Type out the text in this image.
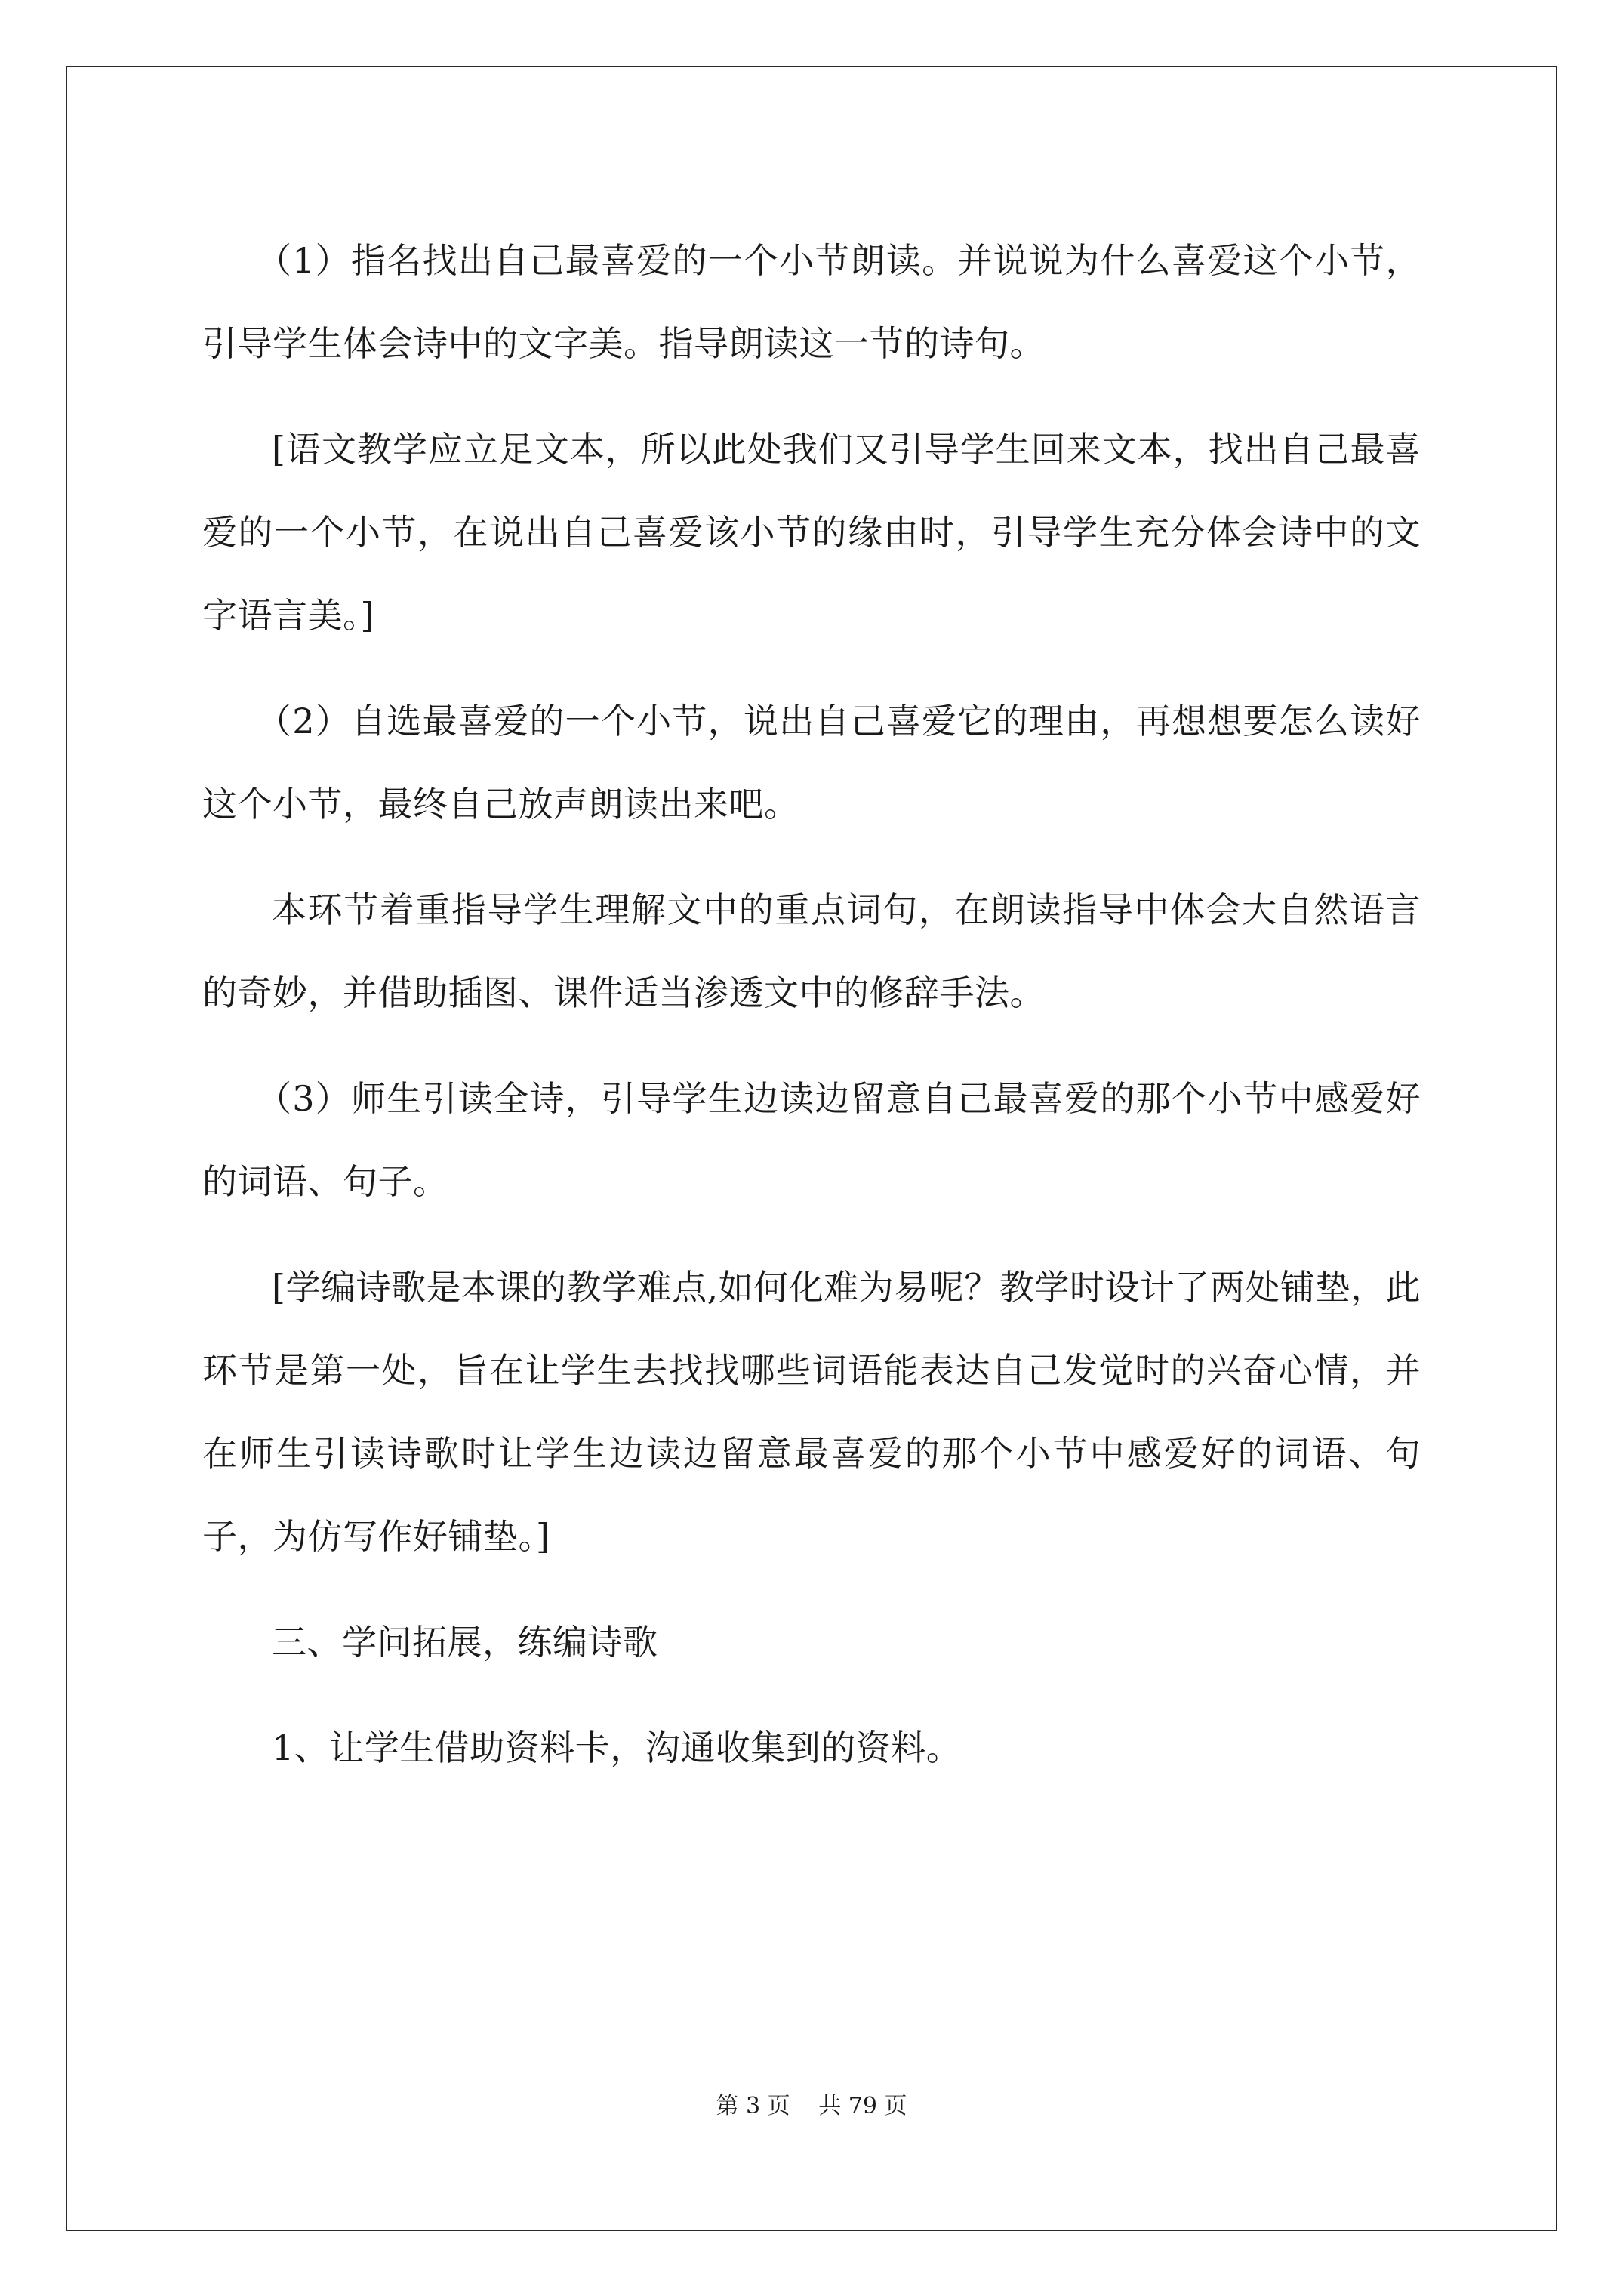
（1）指名找出自己最喜爱的一个小节朗读。并说说为什么喜爱这个小节，引导学生体会诗中的文字美。指导朗读这一节的诗句。

[语文教学应立足文本，所以此处我们又引导学生回来文本，找出自己最喜爱的一个小节，在说出自己喜爱该小节的缘由时，引导学生充分体会诗中的文字语言美。]

（2）自选最喜爱的一个小节，说出自己喜爱它的理由，再想想要怎么读好这个小节，最终自己放声朗读出来吧。

本环节着重指导学生理解文中的重点词句，在朗读指导中体会大自然语言的奇妙，并借助插图、课件适当渗透文中的修辞手法。

（3）师生引读全诗，引导学生边读边留意自己最喜爱的那个小节中感爱好的词语、句子。

[学编诗歌是本课的教学难点,如何化难为易呢？教学时设计了两处铺垫，此环节是第一处，旨在让学生去找找哪些词语能表达自己发觉时的兴奋心情，并在师生引读诗歌时让学生边读边留意最喜爱的那个小节中感爱好的词语、句子，为仿写作好铺垫。]

三、学问拓展，练编诗歌

1、让学生借助资料卡，沟通收集到的资料。

第 3 页 共 79 页
